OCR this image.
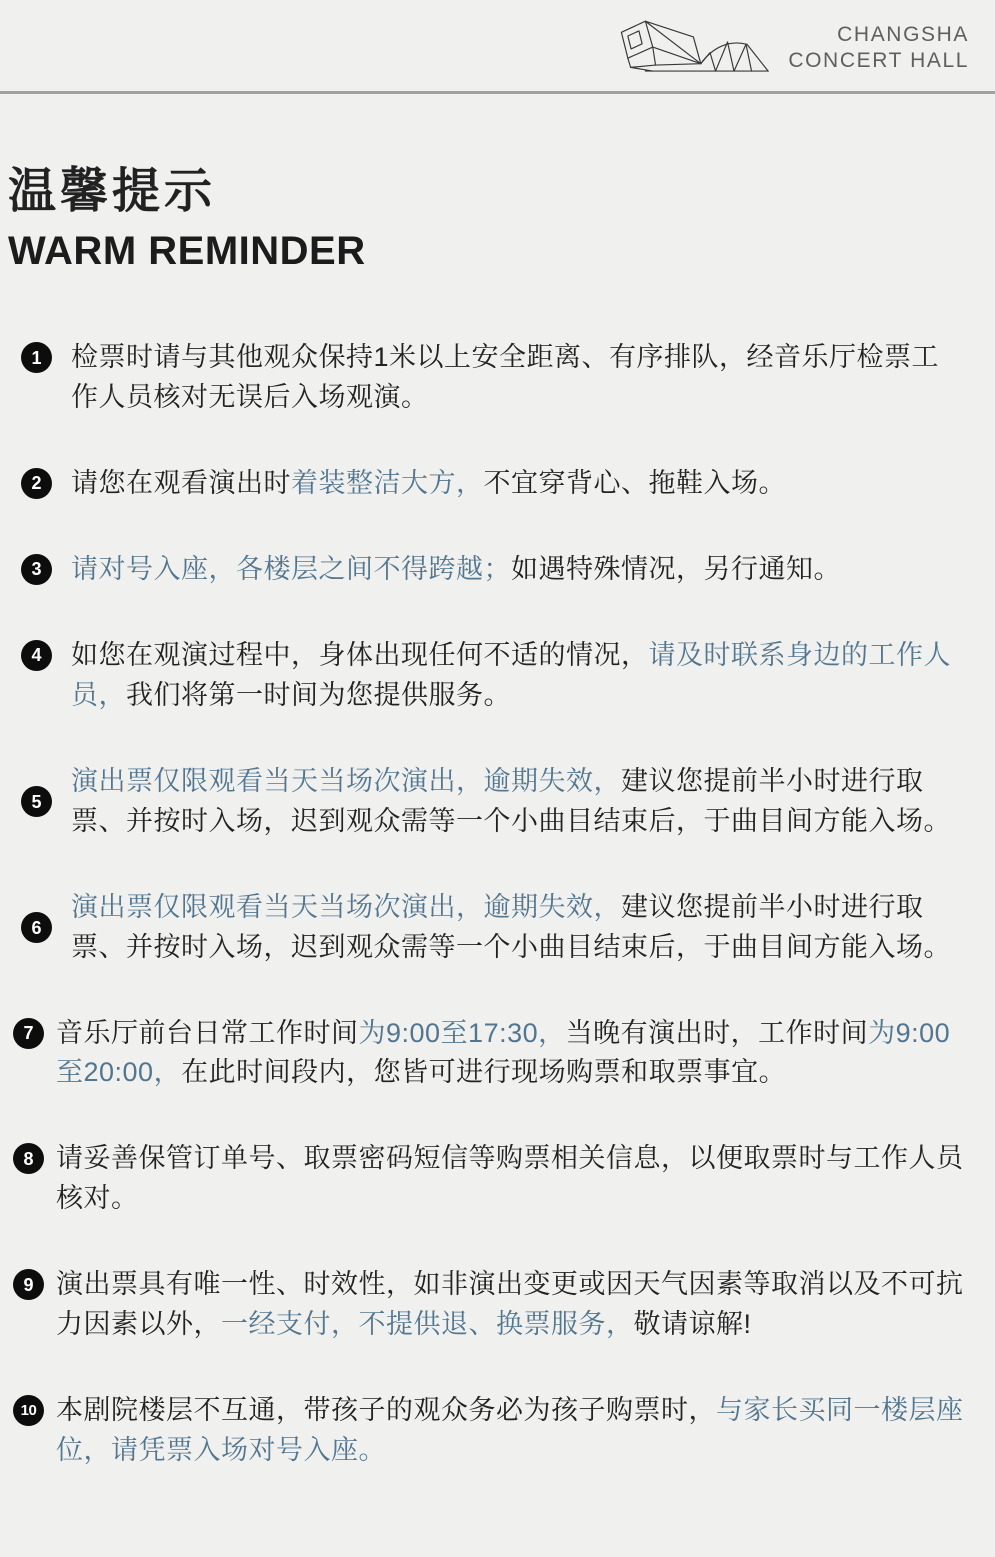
CHANGSHA
CONCERT HALL
温馨提示
WARM REMINDER
1	检票时请与其他观众保持1米以上安全距离、有序排队，经音乐厅检票工作人员核对无误后入场观演。

2	请您在观看演出时着装整洁大方，不宜穿背心、拖鞋入场。

3	请对号入座，各楼层之间不得跨越；如遇特殊情况，另行通知。

4	如您在观演过程中，身体出现任何不适的情况，请及时联系身边的工作人员，我们将第一时间为您提供服务。

5

演出票仅限观看当天当场次演出，逾期失效，建议您提前半小时进行取票、并按时入场，迟到观众需等一个小曲目结束后，于曲目间方能入场。

6

演出票仅限观看当天当场次演出，逾期失效，建议您提前半小时进行取票、并按时入场，迟到观众需等一个小曲目结束后，于曲目间方能入场。

7 音乐厅前台日常工作时间为9:00至17:30，当晚有演出时，工作时间为9:00至20:00，在此时间段内，您皆可进行现场购票和取票事宜。

8 请妥善保管订单号、取票密码短信等购票相关信息，以便取票时与工作人员核对。

9 演出票具有唯一性、时效性，如非演出变更或因天气因素等取消以及不可抗力因素以外，一经支付，不提供退、换票服务，敬请谅解!

10 本剧院楼层不互通，带孩子的观众务必为孩子购票时，与家长买同一楼层座位，请凭票入场对号入座。
